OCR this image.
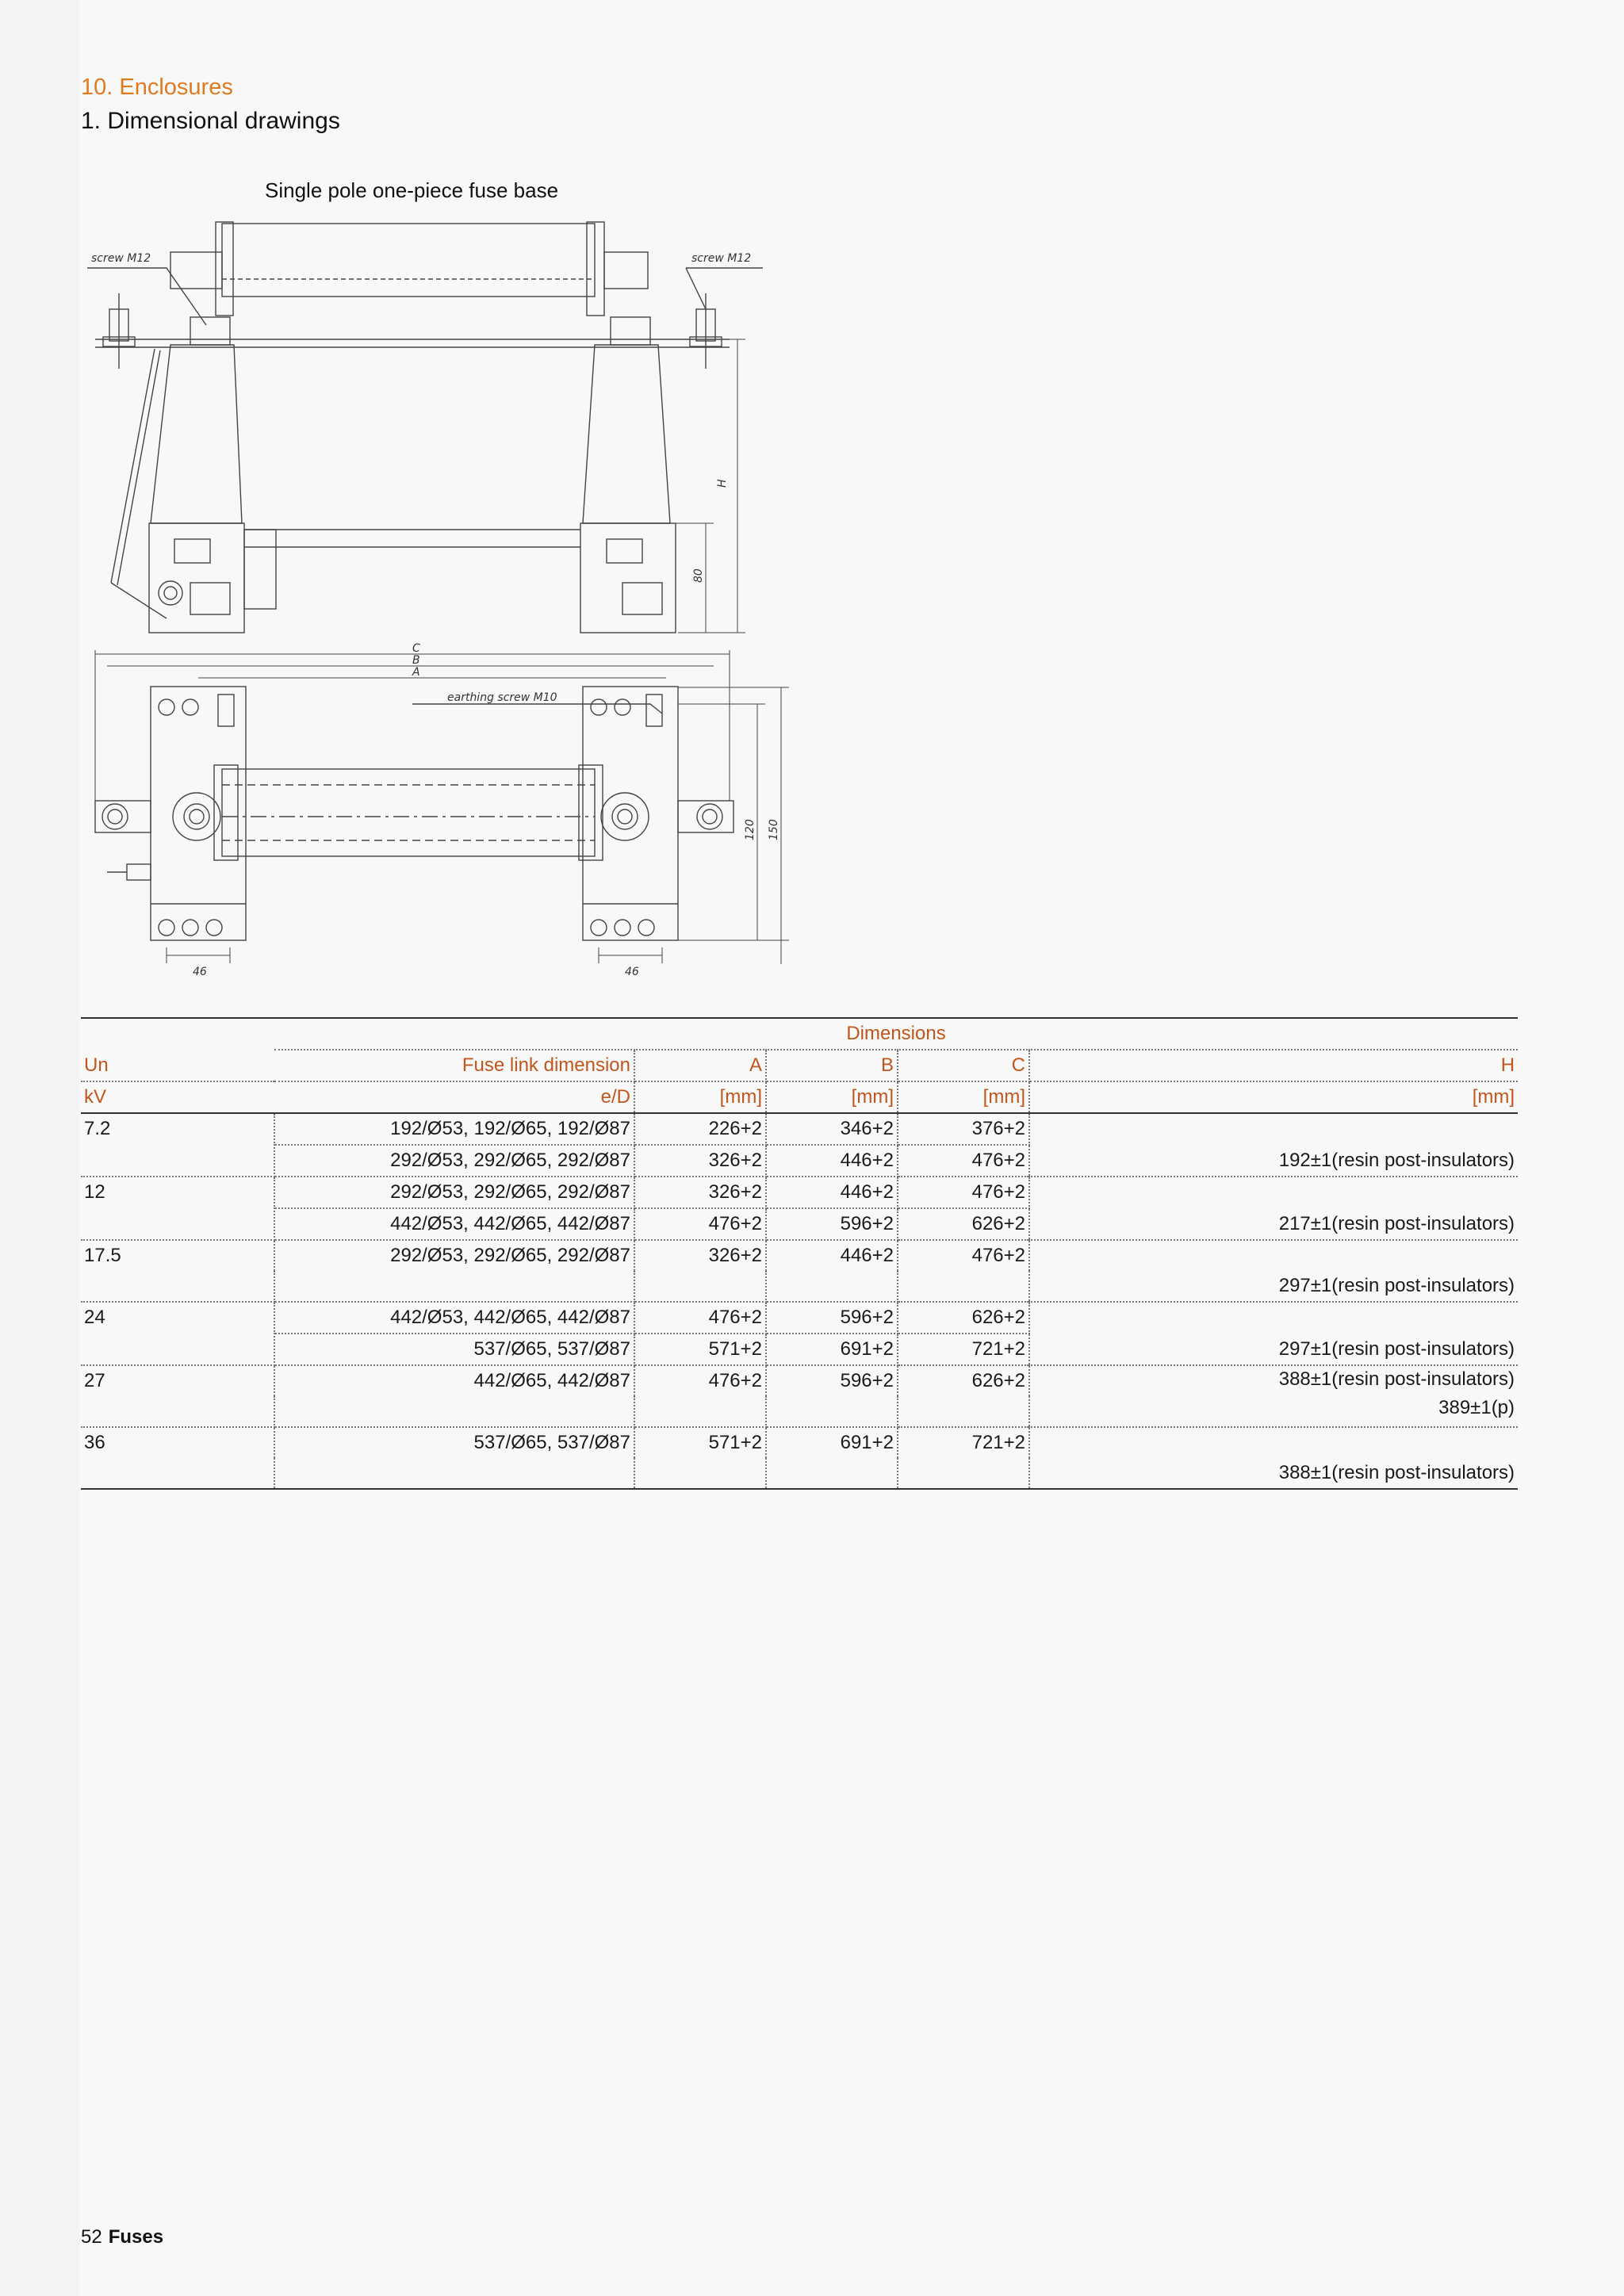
10. Enclosures
1. Dimensional drawings
Single pole one-piece fuse base
screw M12	screw M12
H
80
C
B
A
earthing screw M10
120 150
46	46
	Dimensions				
Un	Fuse link dimension	A	B	C	H
kV	e/D	[mm]	[mm]	[mm]	[mm]
7.2	192/Ø53, 192/Ø65, 192/Ø87	226+2	346+2	376+2	192±1(resin post-insulators)

	292/Ø53, 292/Ø65, 292/Ø87	326+2	446+2	476+2	
12	292/Ø53, 292/Ø65, 292/Ø87	326+2	446+2	476+2	217±1(resin post-insulators)

	442/Ø53, 442/Ø65, 442/Ø87	476+2	596+2	626+2	
17.5	292/Ø53, 292/Ø65, 292/Ø87	326+2	446+2	476+2	297±1(resin post-insulators)

24	442/Ø53, 442/Ø65, 442/Ø87	476+2	596+2	626+2	297±1(resin post-insulators)

	537/Ø65, 537/Ø87	571+2	691+2	721+2	
27	442/Ø65, 442/Ø87	476+2	596+2	626+2	388±1(resin post-insulators)
389±1(p)

36	537/Ø65, 537/Ø87	571+2	691+2	721+2	388±1(resin post-insulators)

52 Fuses
